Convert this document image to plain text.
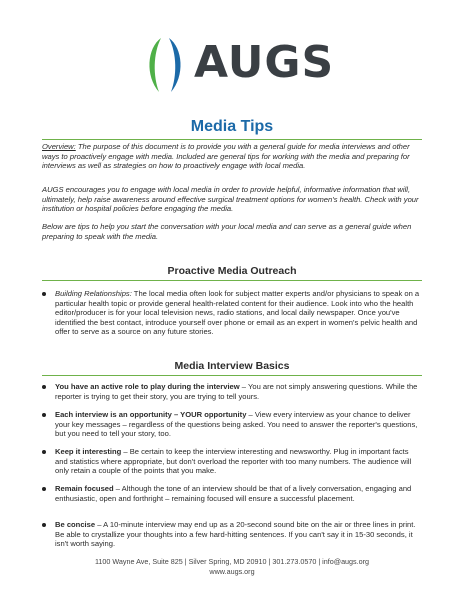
AUGS
Media Tips

Overview: The purpose of this document is to provide you with a general guide for media interviews and other ways to proactively engage with media. Included are general tips for working with the media and preparing for interviews as well as strategies on how to proactively engage with local media.

AUGS encourages you to engage with local media in order to provide helpful, informative information that will, ultimately, help raise awareness around effective surgical treatment options for women's health. Check with your institution or hospital policies before engaging the media.

Below are tips to help you start the conversation with your local media and can serve as a general guide when preparing to speak with the media.

Proactive Media Outreach
Building Relationships: The local media often look for subject matter experts and/or physicians to speak on a particular health topic or provide general health-related content for their audience. Look into who the health editor/producer is for your local television news, radio stations, and local daily newspaper. Once you've identified the best contact, introduce yourself over phone or email as an expert in women's pelvic health and offer to serve as a source on any future stories.
Media Interview Basics
You have an active role to play during the interview – You are not simply answering questions. While the reporter is trying to get their story, you are trying to tell yours.
Each interview is an opportunity – YOUR opportunity – View every interview as your chance to deliver your key messages – regardless of the questions being asked. You need to answer the reporter's questions, but you need to tell your story, too.
Keep it interesting – Be certain to keep the interview interesting and newsworthy. Plug in important facts and statistics where appropriate, but don't overload the reporter with too many numbers. The audience will only retain a couple of the points that you make.
Remain focused – Although the tone of an interview should be that of a lively conversation, engaging and enthusiastic, open and forthright – remaining focused will ensure a successful placement.
Be concise – A 10-minute interview may end up as a 20-second sound bite on the air or three lines in print. Be able to crystallize your thoughts into a few hard-hitting sentences. If you can't say it in 15-30 seconds, it isn't worth saying.
1100 Wayne Ave, Suite 825 | Silver Spring, MD 20910 | 301.273.0570 | info@augs.org
www.augs.org
